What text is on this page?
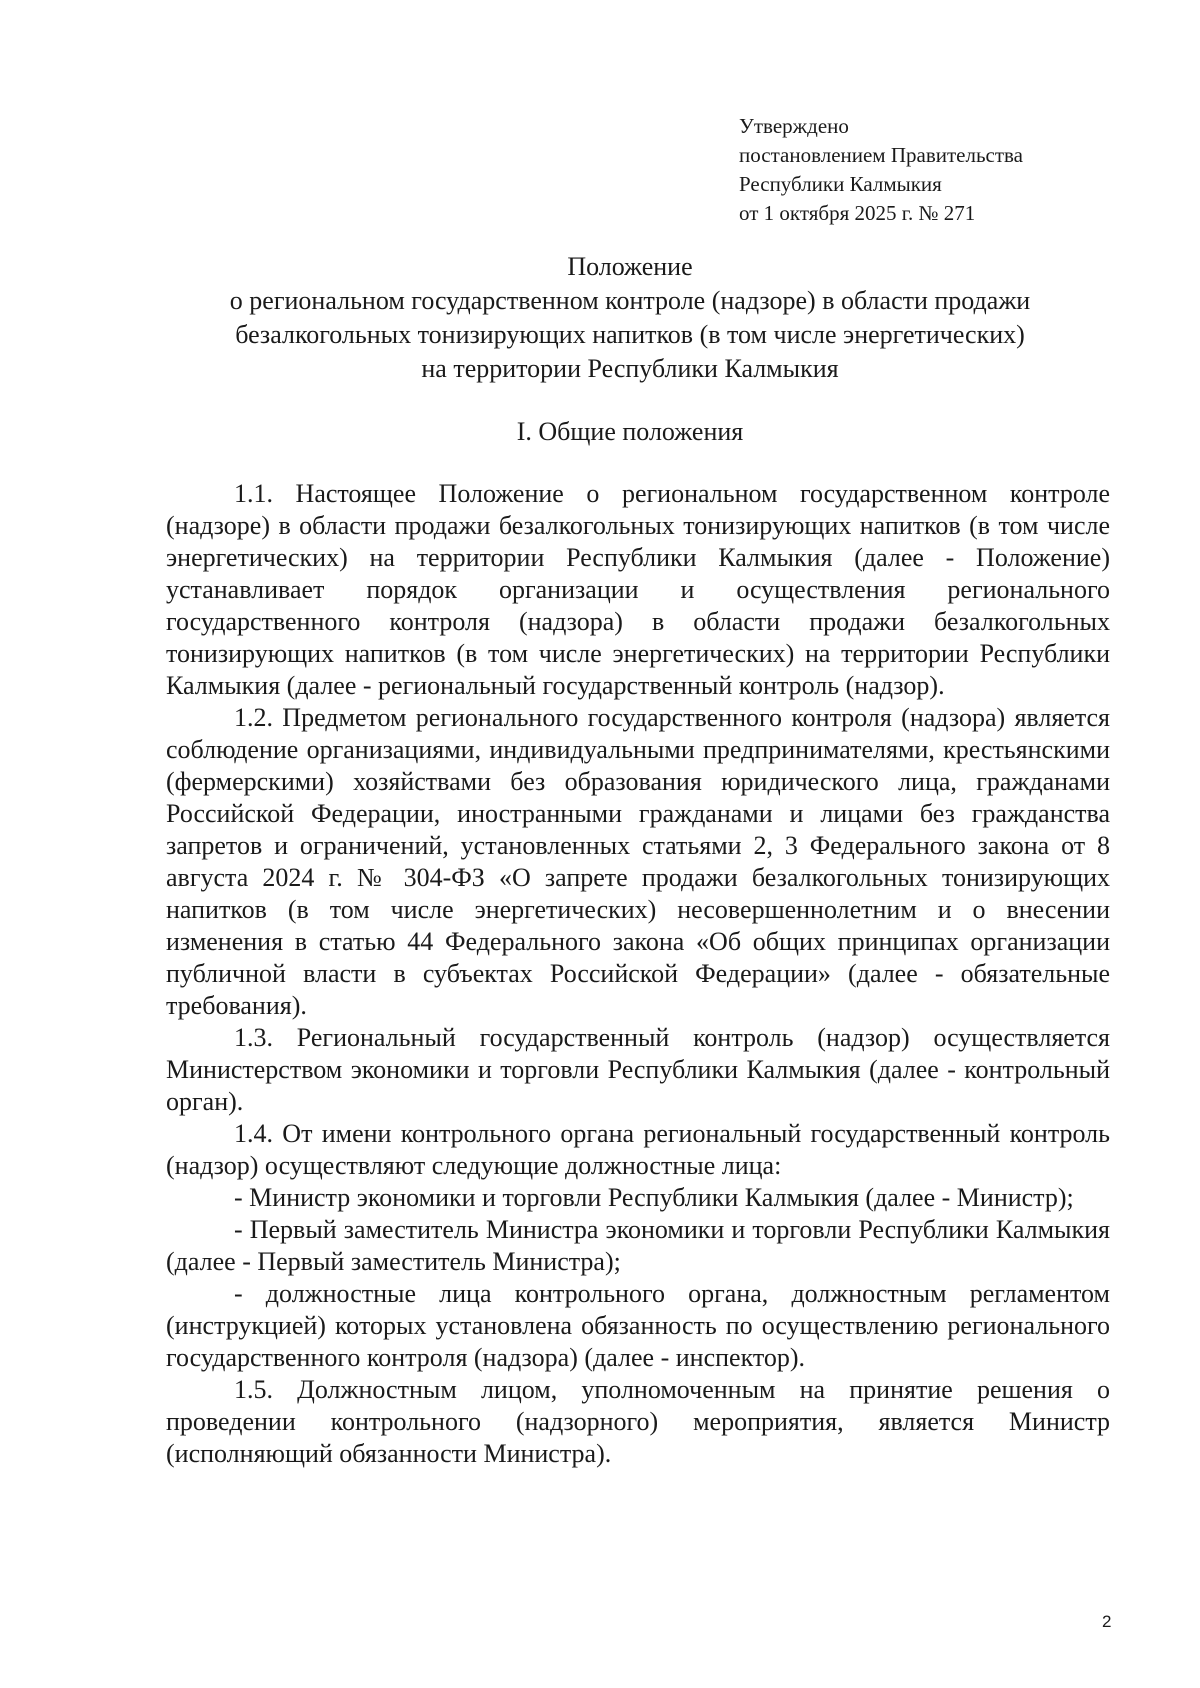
Утверждено
постановлением Правительства
Республики Калмыкия
от 1 октября 2025 г. № 271
Положение
о региональном государственном контроле (надзоре) в области продажи
безалкогольных тонизирующих напитков (в том числе энергетических)
на территории Республики Калмыкия
I. Общие положения

1.1. Настоящее Положение о региональном государственном контроле (надзоре) в области продажи безалкогольных тонизирующих напитков (в том числе энергетических) на территории Республики Калмыкия (далее - Положение) устанавливает порядок организации и осуществления регионального государственного контроля (надзора) в области продажи безалкогольных тонизирующих напитков (в том числе энергетических) на территории Республики Калмыкия (далее - региональный государственный контроль (надзор).

1.2. Предметом регионального государственного контроля (надзора) является соблюдение организациями, индивидуальными предпринимателями, крестьянскими (фермерскими) хозяйствами без образования юридического лица, гражданами Российской Федерации, иностранными гражданами и лицами без гражданства запретов и ограничений, установленных статьями 2, 3 Федерального закона от 8 августа 2024 г. № 304-ФЗ «О запрете продажи безалкогольных тонизирующих напитков (в том числе энергетических) несовершеннолетним и о внесении изменения в статью 44 Федерального закона «Об общих принципах организации публичной власти в субъектах Российской Федерации» (далее - обязательные требования).

1.3. Региональный государственный контроль (надзор) осуществляется Министерством экономики и торговли Республики Калмыкия (далее - контрольный орган).

1.4. От имени контрольного органа региональный государственный контроль (надзор) осуществляют следующие должностные лица:

- Министр экономики и торговли Республики Калмыкия (далее - Министр);

- Первый заместитель Министра экономики и торговли Республики Калмыкия (далее - Первый заместитель Министра);

- должностные лица контрольного органа, должностным регламентом (инструкцией) которых установлена обязанность по осуществлению регионального государственного контроля (надзора) (далее - инспектор).

1.5. Должностным лицом, уполномоченным на принятие решения о проведении контрольного (надзорного) мероприятия, является Министр (исполняющий обязанности Министра).

2
